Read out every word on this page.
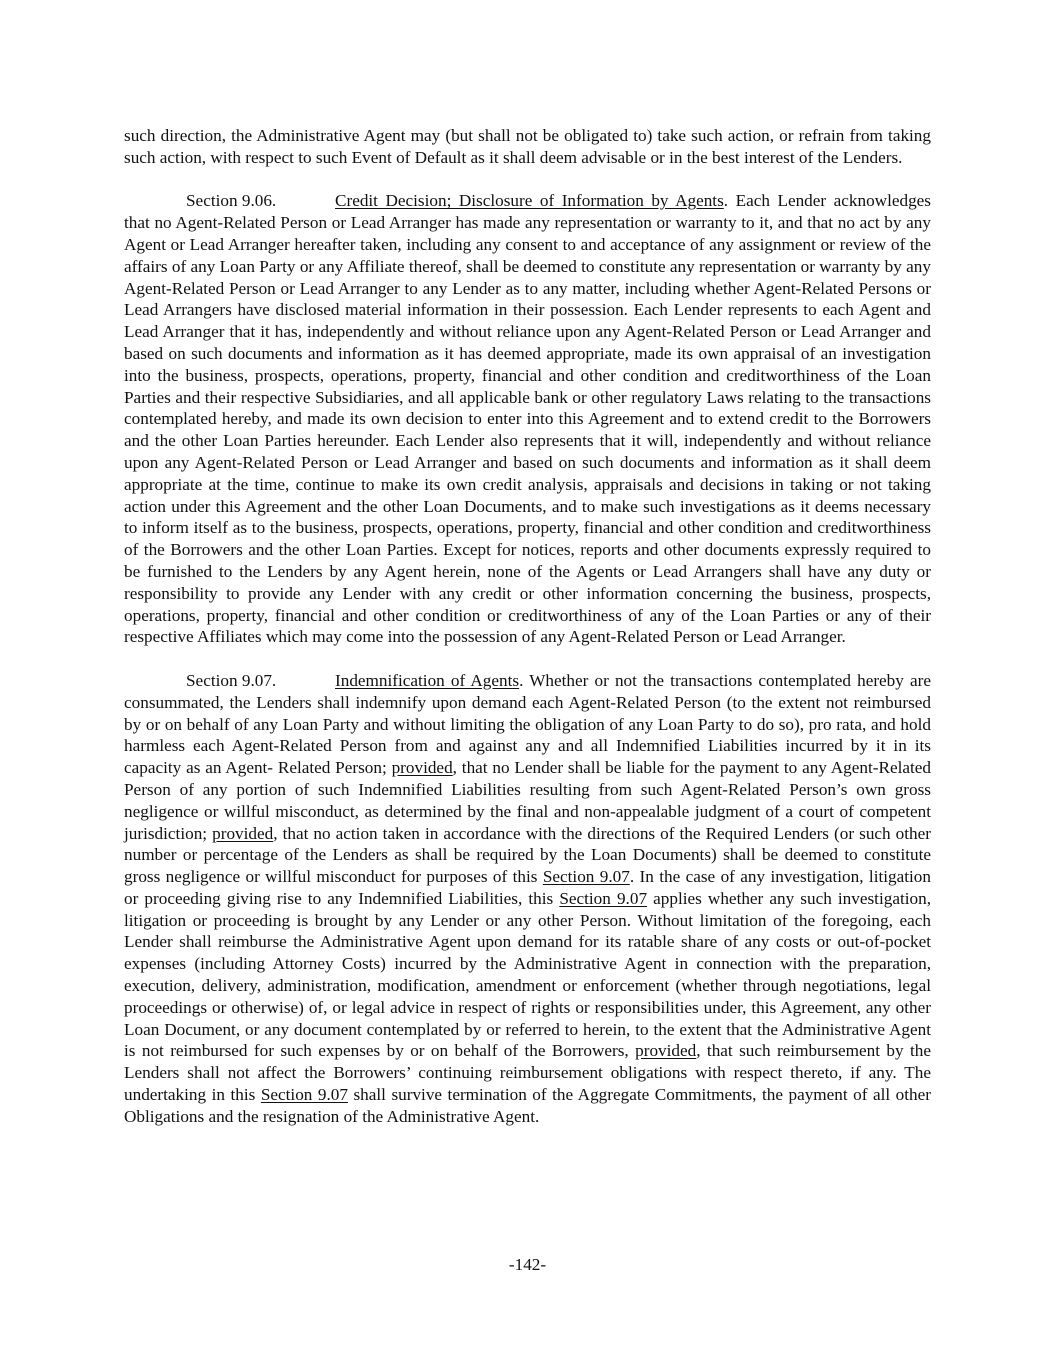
such direction, the Administrative Agent may (but shall not be obligated to) take such action, or refrain from taking such action, with respect to such Event of Default as it shall deem advisable or in the best interest of the Lenders.

Section 9.06.	Credit Decision; Disclosure of Information by Agents. Each Lender acknowledges that no Agent-Related Person or Lead Arranger has made any representation or warranty to it, and that no act by any Agent or Lead Arranger hereafter taken, including any consent to and acceptance of any assignment or review of the affairs of any Loan Party or any Affiliate thereof, shall be deemed to constitute any representation or warranty by any Agent-Related Person or Lead Arranger to any Lender as to any matter, including whether Agent-Related Persons or Lead Arrangers have disclosed material information in their possession. Each Lender represents to each Agent and Lead Arranger that it has, independently and without reliance upon any Agent-Related Person or Lead Arranger and based on such documents and information as it has deemed appropriate, made its own appraisal of an investigation into the business, prospects, operations, property, financial and other condition and creditworthiness of the Loan Parties and their respective Subsidiaries, and all applicable bank or other regulatory Laws relating to the transactions contemplated hereby, and made its own decision to enter into this Agreement and to extend credit to the Borrowers and the other Loan Parties hereunder. Each Lender also represents that it will, independently and without reliance upon any Agent-Related Person or Lead Arranger and based on such documents and information as it shall deem appropriate at the time, continue to make its own credit analysis, appraisals and decisions in taking or not taking action under this Agreement and the other Loan Documents, and to make such investigations as it deems necessary to inform itself as to the business, prospects, operations, property, financial and other condition and creditworthiness of the Borrowers and the other Loan Parties. Except for notices, reports and other documents expressly required to be furnished to the Lenders by any Agent herein, none of the Agents or Lead Arrangers shall have any duty or responsibility to provide any Lender with any credit or other information concerning the business, prospects, operations, property, financial and other condition or creditworthiness of any of the Loan Parties or any of their respective Affiliates which may come into the possession of any Agent-Related Person or Lead Arranger.

Section 9.07.	Indemnification of Agents. Whether or not the transactions contemplated hereby are consummated, the Lenders shall indemnify upon demand each Agent-Related Person (to the extent not reimbursed by or on behalf of any Loan Party and without limiting the obligation of any Loan Party to do so), pro rata, and hold harmless each Agent-Related Person from and against any and all Indemnified Liabilities incurred by it in its capacity as an Agent- Related Person; provided, that no Lender shall be liable for the payment to any Agent-Related Person of any portion of such Indemnified Liabilities resulting from such Agent-Related Person’s own gross negligence or willful misconduct, as determined by the final and non-appealable judgment of a court of competent jurisdiction; provided, that no action taken in accordance with the directions of the Required Lenders (or such other number or percentage of the Lenders as shall be required by the Loan Documents) shall be deemed to constitute gross negligence or willful misconduct for purposes of this Section 9.07. In the case of any investigation, litigation or proceeding giving rise to any Indemnified Liabilities, this Section 9.07 applies whether any such investigation, litigation or proceeding is brought by any Lender or any other Person. Without limitation of the foregoing, each Lender shall reimburse the Administrative Agent upon demand for its ratable share of any costs or out-of-pocket expenses (including Attorney Costs) incurred by the Administrative Agent in connection with the preparation, execution, delivery, administration, modification, amendment or enforcement (whether through negotiations, legal proceedings or otherwise) of, or legal advice in respect of rights or responsibilities under, this Agreement, any other Loan Document, or any document contemplated by or referred to herein, to the extent that the Administrative Agent is not reimbursed for such expenses by or on behalf of the Borrowers, provided, that such reimbursement by the Lenders shall not affect the Borrowers’ continuing reimbursement obligations with respect thereto, if any. The undertaking in this Section 9.07 shall survive termination of the Aggregate Commitments, the payment of all other Obligations and the resignation of the Administrative Agent.

-142-
